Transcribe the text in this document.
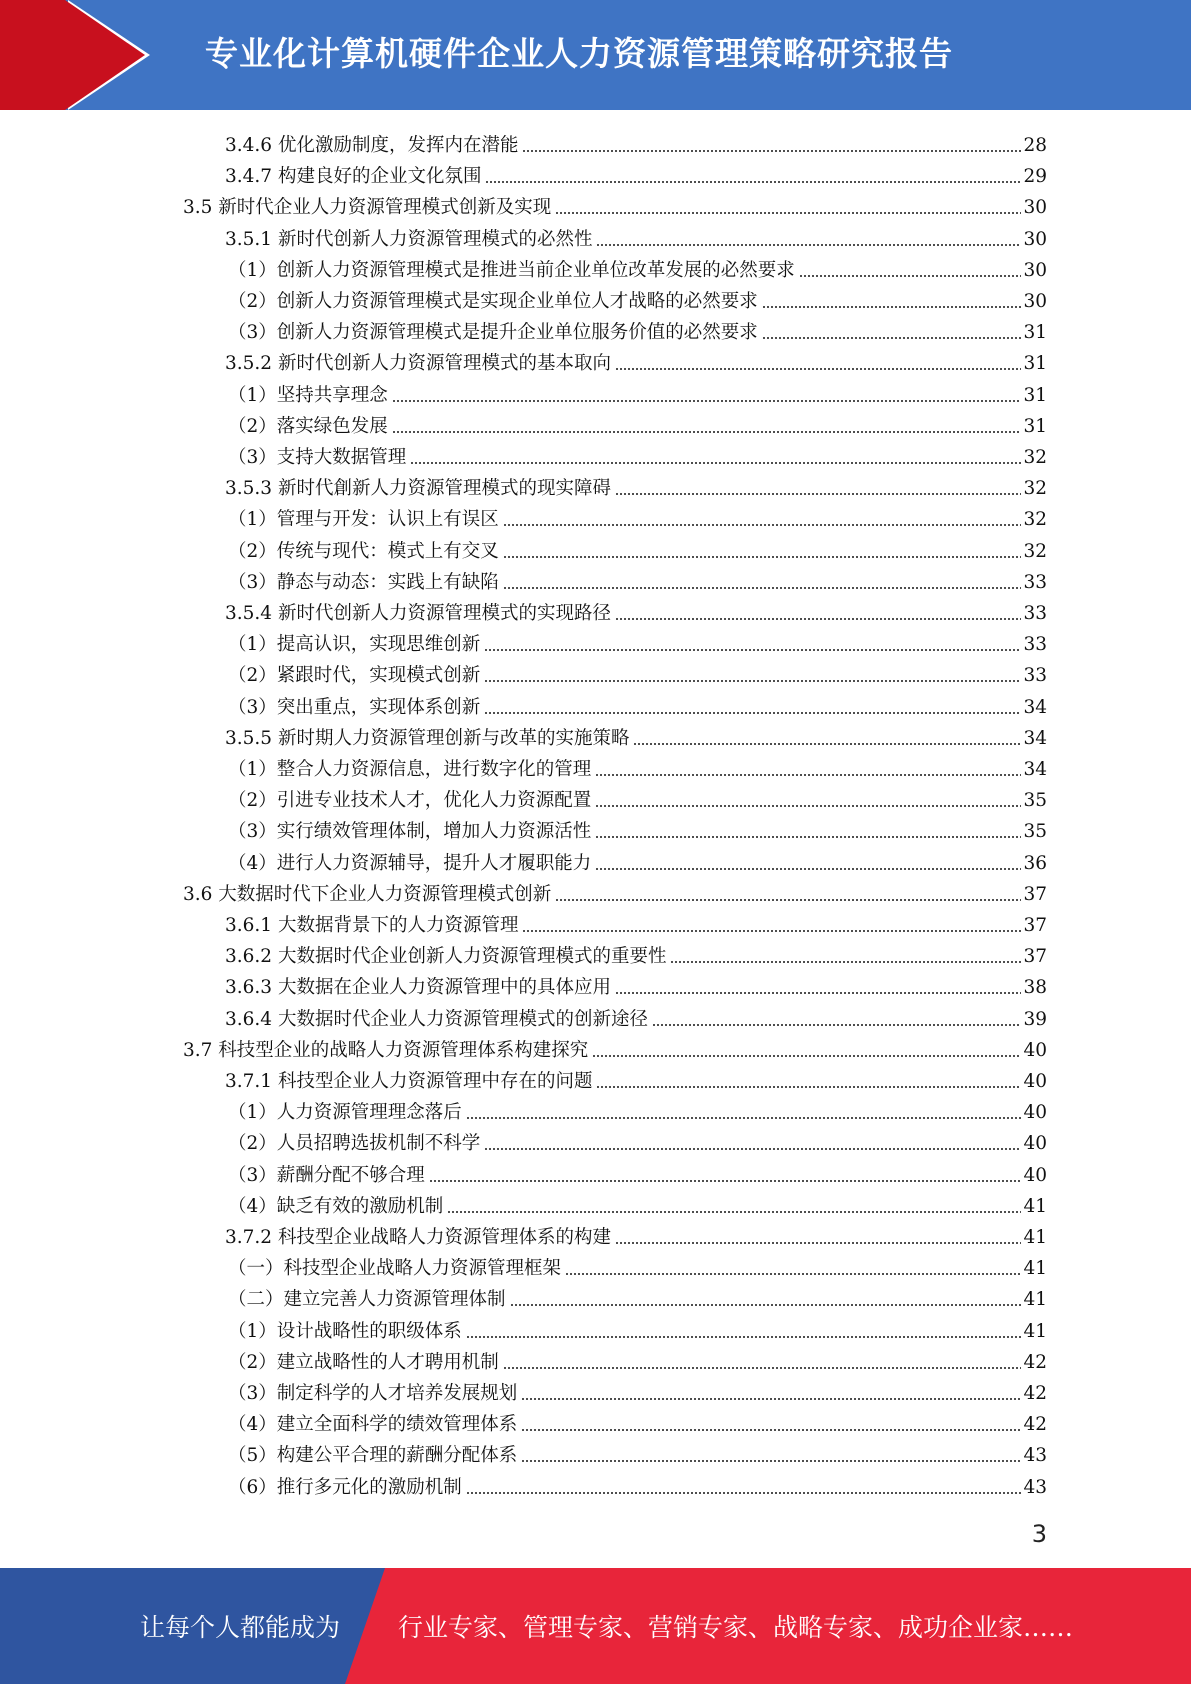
专业化计算机硬件企业人力资源管理策略研究报告
3.4.6 优化激励制度，发挥内在潜能	28
3.4.7 构建良好的企业文化氛围	29
3.5 新时代企业人力资源管理模式创新及实现	30
3.5.1 新时代创新人力资源管理模式的必然性	30
（1）创新人力资源管理模式是推进当前企业单位改革发展的必然要求	30
（2）创新人力资源管理模式是实现企业单位人才战略的必然要求	30
（3）创新人力资源管理模式是提升企业单位服务价值的必然要求	31
3.5.2 新时代创新人力资源管理模式的基本取向	31
（1）坚持共享理念	31
（2）落实绿色发展	31
（3）支持大数据管理	32
3.5.3 新时代創新人力资源管理模式的现实障碍	32
（1）管理与开发：认识上有误区	32
（2）传统与现代：模式上有交叉	32
（3）静态与动态：实践上有缺陷	33
3.5.4 新时代创新人力资源管理模式的实现路径	33
（1）提高认识，实现思维创新	33
（2）紧跟时代，实现模式创新	33
（3）突出重点，实现体系创新	34
3.5.5 新时期人力资源管理创新与改革的实施策略	34
（1）整合人力资源信息，进行数字化的管理	34
（2）引进专业技术人才，优化人力资源配置	35
（3）实行绩效管理体制，增加人力资源活性	35
（4）进行人力资源辅导，提升人才履职能力	36
3.6 大数据时代下企业人力资源管理模式创新	37
3.6.1 大数据背景下的人力资源管理	37
3.6.2 大数据时代企业创新人力资源管理模式的重要性	37
3.6.3 大数据在企业人力资源管理中的具体应用	38
3.6.4 大数据时代企业人力资源管理模式的创新途径	39
3.7 科技型企业的战略人力资源管理体系构建探究	40
3.7.1 科技型企业人力资源管理中存在的问题	40
（1）人力资源管理理念落后	40
（2）人员招聘选拔机制不科学	40
（3）薪酬分配不够合理	40
（4）缺乏有效的激励机制	41
3.7.2 科技型企业战略人力资源管理体系的构建	41
（一）科技型企业战略人力资源管理框架	41
（二）建立完善人力资源管理体制	41
（1）设计战略性的职级体系	41
（2）建立战略性的人才聘用机制	42
（3）制定科学的人才培养发展规划	42
（4）建立全面科学的绩效管理体系	42
（5）构建公平合理的薪酬分配体系	43
（6）推行多元化的激励机制	43
3
让每个人都能成为 行业专家、管理专家、营销专家、战略专家、成功企业家……
